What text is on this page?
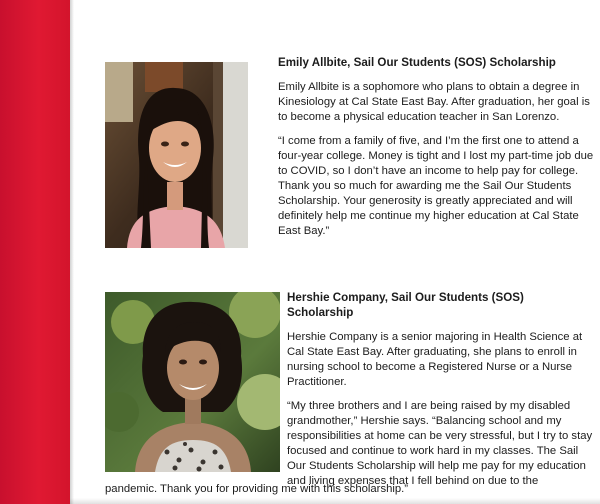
Emily Allbite, Sail Our Students (SOS) Scholarship

Emily Allbite is a sophomore who plans to obtain a degree in Kinesiology at Cal State East Bay. After graduation, her goal is to become a physical education teacher in San Lorenzo.

“I come from a family of five, and I’m the first one to attend a four-year college. Money is tight and I lost my part-time job due to COVID, so I don’t have an income to help pay for college. Thank you so much for awarding me the Sail Our Students Scholarship. Your generosity is greatly appreciated and will definitely help me continue my higher education at Cal State East Bay.”

Hershie Company, Sail Our Students (SOS) Scholarship

Hershie Company is a senior majoring in Health Science at Cal State East Bay. After graduating, she plans to enroll in nursing school to become a Registered Nurse or a Nurse Practitioner.

“My three brothers and I are being raised by my disabled grandmother,” Hershie says. “Balancing school and my responsibilities at home can be very stressful, but I try to stay focused and continue to work hard in my classes. The Sail Our Students Scholarship will help me pay for my education and living expenses that I fell behind on due to the

pandemic. Thank you for providing me with this scholarship.”
